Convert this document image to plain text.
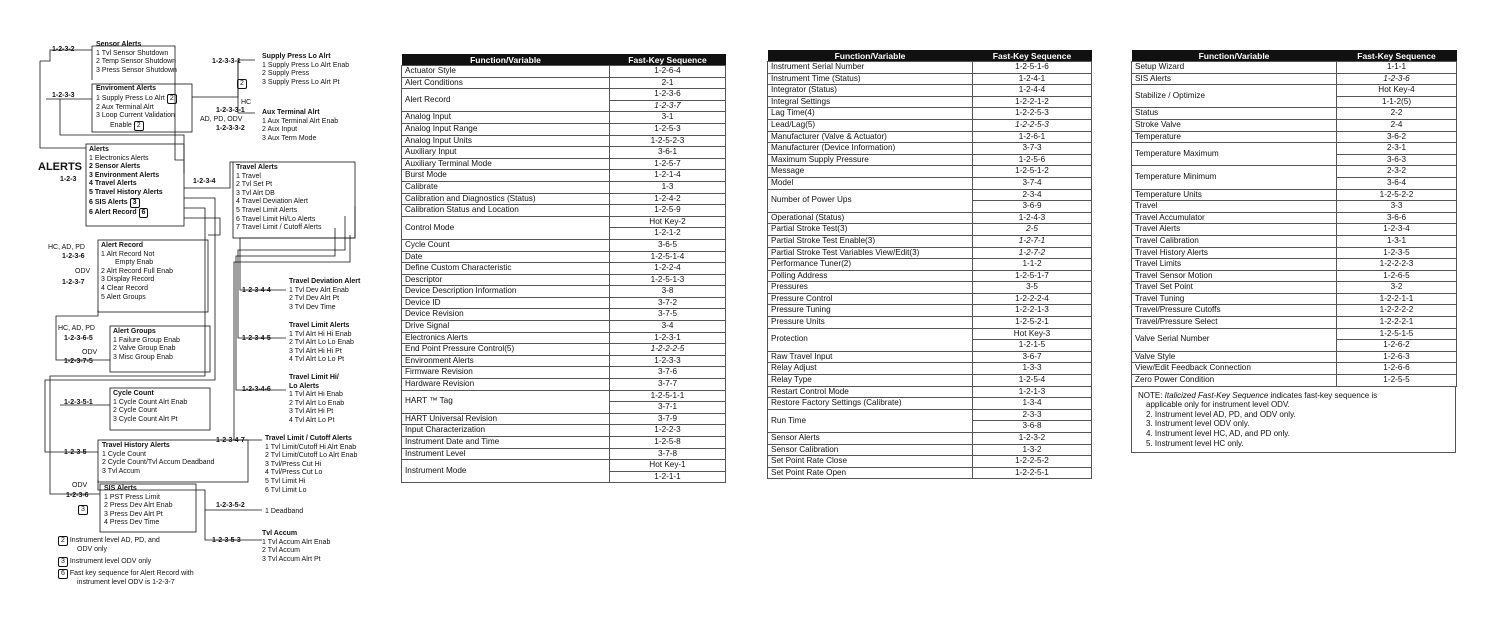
ALERTS
1-2-3
Alerts
1 Electronics Alerts
2 Sensor Alerts
3 Environment Alerts
4 Travel Alerts
5 Travel History Alerts
6 SIS Alerts 3
6 Alert Record 6
1-2-3-2
Sensor Alerts
1 Tvl Sensor Shutdown
2 Temp Sensor Shutdown
3 Press Sensor Shutdown
1-2-3-3
Enviroment Alerts
1 Supply Press Lo Alrt 2
2 Aux Terminal Alrt
3 Loop Current Validation
Enable 2
1-2-3-3-1
Supply Press Lo Alrt
1 Supply Press Lo Alrt Enab
2 Supply Press
3 Supply Press Lo Alrt Pt
2
HC
1-2-3-3-1
AD, PD, ODV
1-2-3-3-2
Aux Terminal Alrt
1 Aux Terminal Alrt Enab
2 Aux Input
3 Aux Term Mode
1-2-3-4
Travel Alerts
1 Travel
2 Tvl Set Pt
3 Tvl Alrt DB
4 Travel Deviation Alert
5 Travel Limit Alerts
6 Travel Limit Hi/Lo Alerts
7 Travel Limit / Cutoff Alerts
1-2-3-4-4
Travel Deviation Alert
1 Tvl Dev Alrt Enab
2 Tvl Dev Alrt Pt
3 Tvl Dev Time
1-2-3-4-5
Travel Limit Alerts
1 Tvl Alrt Hi Hi Enab
2 Tvl Alrt Lo Lo Enab
3 Tvl Alrt Hi Hi Pt
4 Tvl Alrt Lo Lo Pt
1-2-3-4-6
Travel Limit Hi/
Lo Alerts
1 Tvl Alrt Hi Enab
2 Tvl Alrt Lo Enab
3 Tvl Alrt Hi Pt
4 Tvl Alrt Lo Pt
1-2-3-4-7	Travel Limit / Cutoff Alerts
1 Tvl Limit/Cutoff Hi Alrt Enab
2 Tvl Limit/Cutoff Lo Alrt Enab
3 Tvl/Press Cut Hi
4 Tvl/Press Cut Lo
5 Tvl Limit Hi
6 Tvl Limit Lo
HC, AD, PD
1-2-3-6
ODV
1-2-3-7
Alert Record
1 Alrt Record Not
Empty Enab
2 Alrt Record Full Enab
3 Display Record
4 Clear Record
5 Alert Groups
HC, AD, PD
1-2-3-6-5
ODV
1-2-3-7-5
Alert Groups
1 Failure Group Enab
2 Valve Group Enab
3 Misc Group Enab
1-2-3-5-1
Cycle Count
1 Cycle Count Alrt Enab
2 Cycle Count
3 Cycle Count Alrt Pt
1-2-3-5
Travel History Alerts
1 Cycle Count
2 Cycle Count/Tvl Accum Deadband
3 Tvl Accum
1-2-3-5-2
1 Deadband
1-2-3-5-3
Tvl Accum
1 Tvl Accum Alrt Enab
2 Tvl Accum
3 Tvl Accum Alrt Pt
ODV
1-2-3-6
3
SIS Alerts
1 PST Press Limit
2 Press Dev Alrt Enab
3 Press Dev Alrt Pt
4 Press Dev Time
2 Instrument level AD, PD, and
ODV only
3 Instrument level ODV only
6 Fast key sequence for Alert Record with
instrument level ODV is 1-2-3-7
Function/Variable	Fast-Key Sequence
Actuator Style	1-2-6-4
Alert Conditions	2-1
Alert Record	1-2-3-6
	1-2-3-7
Analog Input	3-1
Analog Input Range	1-2-5-3
Analog Input Units	1-2-5-2-3
Auxiliary Input	3-6-1
Auxiliary Terminal Mode	1-2-5-7
Burst Mode	1-2-1-4
Calibrate	1-3
Calibration and Diagnostics (Status)	1-2-4-2
Calibration Status and Location	1-2-5-9
Control Mode	Hot Key-2
	1-2-1-2
Cycle Count	3-6-5
Date	1-2-5-1-4
Define Custom Characteristic	1-2-2-4
Descriptor	1-2-5-1-3
Device Description Information	3-8
Device ID	3-7-2
Device Revision	3-7-5
Drive Signal	3-4
Electronics Alerts	1-2-3-1
End Point Pressure Control(5)	1-2-2-2-5
Environment Alerts	1-2-3-3
Firmware Revision	3-7-6
Hardware Revision	3-7-7
HART ™ Tag	1-2-5-1-1
	3-7-1
HART Universal Revision	3-7-9
Input Characterization	1-2-2-3
Instrument Date and Time	1-2-5-8
Instrument Level	3-7-8
Instrument Mode	Hot Key-1
	1-2-1-1
Function/Variable	Fast-Key Sequence
Instrument Serial Number	1-2-5-1-6
Instrument Time (Status)	1-2-4-1
Integrator (Status)	1-2-4-4
Integral Settings	1-2-2-1-2
Lag Time(4)	1-2-2-5-3
Lead/Lag(5)	1-2-2-5-3
Manufacturer (Valve & Actuator)	1-2-6-1
Manufacturer (Device Information)	3-7-3
Maximum Supply Pressure	1-2-5-6
Message	1-2-5-1-2
Model	3-7-4
Number of Power Ups	2-3-4
	3-6-9
Operational (Status)	1-2-4-3
Partial Stroke Test(3)	2-5
Partial Stroke Test Enable(3)	1-2-7-1
Partial Stroke Test Variables View/Edit(3)	1-2-7-2
Performance Tuner(2)	1-1-2
Polling Address	1-2-5-1-7
Pressures	3-5
Pressure Control	1-2-2-2-4
Pressure Tuning	1-2-2-1-3
Pressure Units	1-2-5-2-1
Protection	Hot Key-3
	1-2-1-5
Raw Travel Input	3-6-7
Relay Adjust	1-3-3
Relay Type	1-2-5-4
Restart Control Mode	1-2-1-3
Restore Factory Settings (Calibrate)	1-3-4
Run Time	2-3-3
	3-6-8
Sensor Alerts	1-2-3-2
Sensor Calibration	1-3-2
Set Point Rate Close	1-2-2-5-2
Set Point Rate Open	1-2-2-5-1
Function/Variable	Fast-Key Sequence
Setup Wizard	1-1-1
SIS Alerts	1-2-3-6
Stabilize / Optimize	Hot Key-4
	1-1-2(5)
Status	2-2
Stroke Valve	2-4
Temperature	3-6-2
Temperature Maximum	2-3-1
	3-6-3
Temperature Minimum	2-3-2
	3-6-4
Temperature Units	1-2-5-2-2
Travel	3-3
Travel Accumulator	3-6-6
Travel Alerts	1-2-3-4
Travel Calibration	1-3-1
Travel History Alerts	1-2-3-5
Travel Limits	1-2-2-2-3
Travel Sensor Motion	1-2-6-5
Travel Set Point	3-2
Travel Tuning	1-2-2-1-1
Travel/Pressure Cutoffs	1-2-2-2-2
Travel/Pressure Select	1-2-2-2-1
Valve Serial Number	1-2-5-1-5
	1-2-6-2
Valve Style	1-2-6-3
View/Edit Feedback Connection	1-2-6-6
Zero Power Condition	1-2-5-5
NOTE: Italicized Fast-Key Sequence indicates fast-key sequence is
applicable only for instrument level ODV.
2. Instrument level AD, PD, and ODV only.
3. Instrument level ODV only.
4. Instrument level HC, AD, and PD only.
5. Instrument level HC only.
